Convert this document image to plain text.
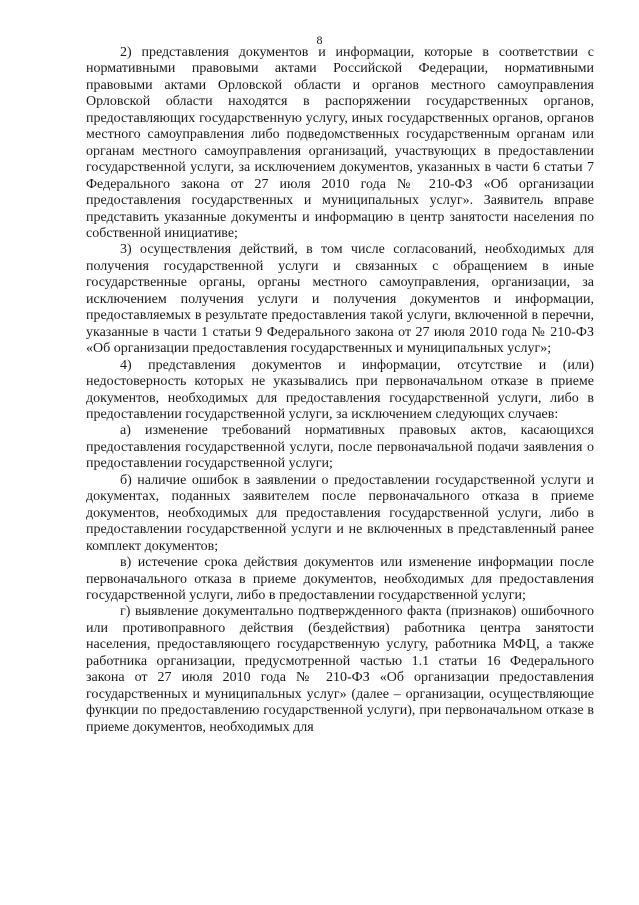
8

2) представления документов и информации, которые в соответствии с нормативными правовыми актами Российской Федерации, нормативными правовыми актами Орловской области и органов местного самоуправления Орловской области находятся в распоряжении государственных органов, предоставляющих государственную услугу, иных государственных органов, органов местного самоуправления либо подведомственных государственным органам или органам местного самоуправления организаций, участвующих в предоставлении государственной услуги, за исключением документов, указанных в части 6 статьи 7 Федерального закона от 27 июля 2010 года № 210-ФЗ «Об организации предоставления государственных и муниципальных услуг». Заявитель вправе представить указанные документы и информацию в центр занятости населения по собственной инициативе;

3) осуществления действий, в том числе согласований, необходимых для получения государственной услуги и связанных с обращением в иные государственные органы, органы местного самоуправления, организации, за исключением получения услуги и получения документов и информации, предоставляемых в результате предоставления такой услуги, включенной в перечни, указанные в части 1 статьи 9 Федерального закона от 27 июля 2010 года № 210-ФЗ «Об организации предоставления государственных и муниципальных услуг»;

4) представления документов и информации, отсутствие и (или) недостоверность которых не указывались при первоначальном отказе в приеме документов, необходимых для предоставления государственной услуги, либо в предоставлении государственной услуги, за исключением следующих случаев:

а) изменение требований нормативных правовых актов, касающихся предоставления государственной услуги, после первоначальной подачи заявления о предоставлении государственной услуги;

б) наличие ошибок в заявлении о предоставлении государственной услуги и документах, поданных заявителем после первоначального отказа в приеме документов, необходимых для предоставления государственной услуги, либо в предоставлении государственной услуги и не включенных в представленный ранее комплект документов;

в) истечение срока действия документов или изменение информации после первоначального отказа в приеме документов, необходимых для предоставления государственной услуги, либо в предоставлении государственной услуги;

г) выявление документально подтвержденного факта (признаков) ошибочного или противоправного действия (бездействия) работника центра занятости населения, предоставляющего государственную услугу, работника МФЦ, а также работника организации, предусмотренной частью 1.1 статьи 16 Федерального закона от 27 июля 2010 года № 210-ФЗ «Об организации предоставления государственных и муниципальных услуг» (далее – организации, осуществляющие функции по предоставлению государственной услуги), при первоначальном отказе в приеме документов, необходимых для
